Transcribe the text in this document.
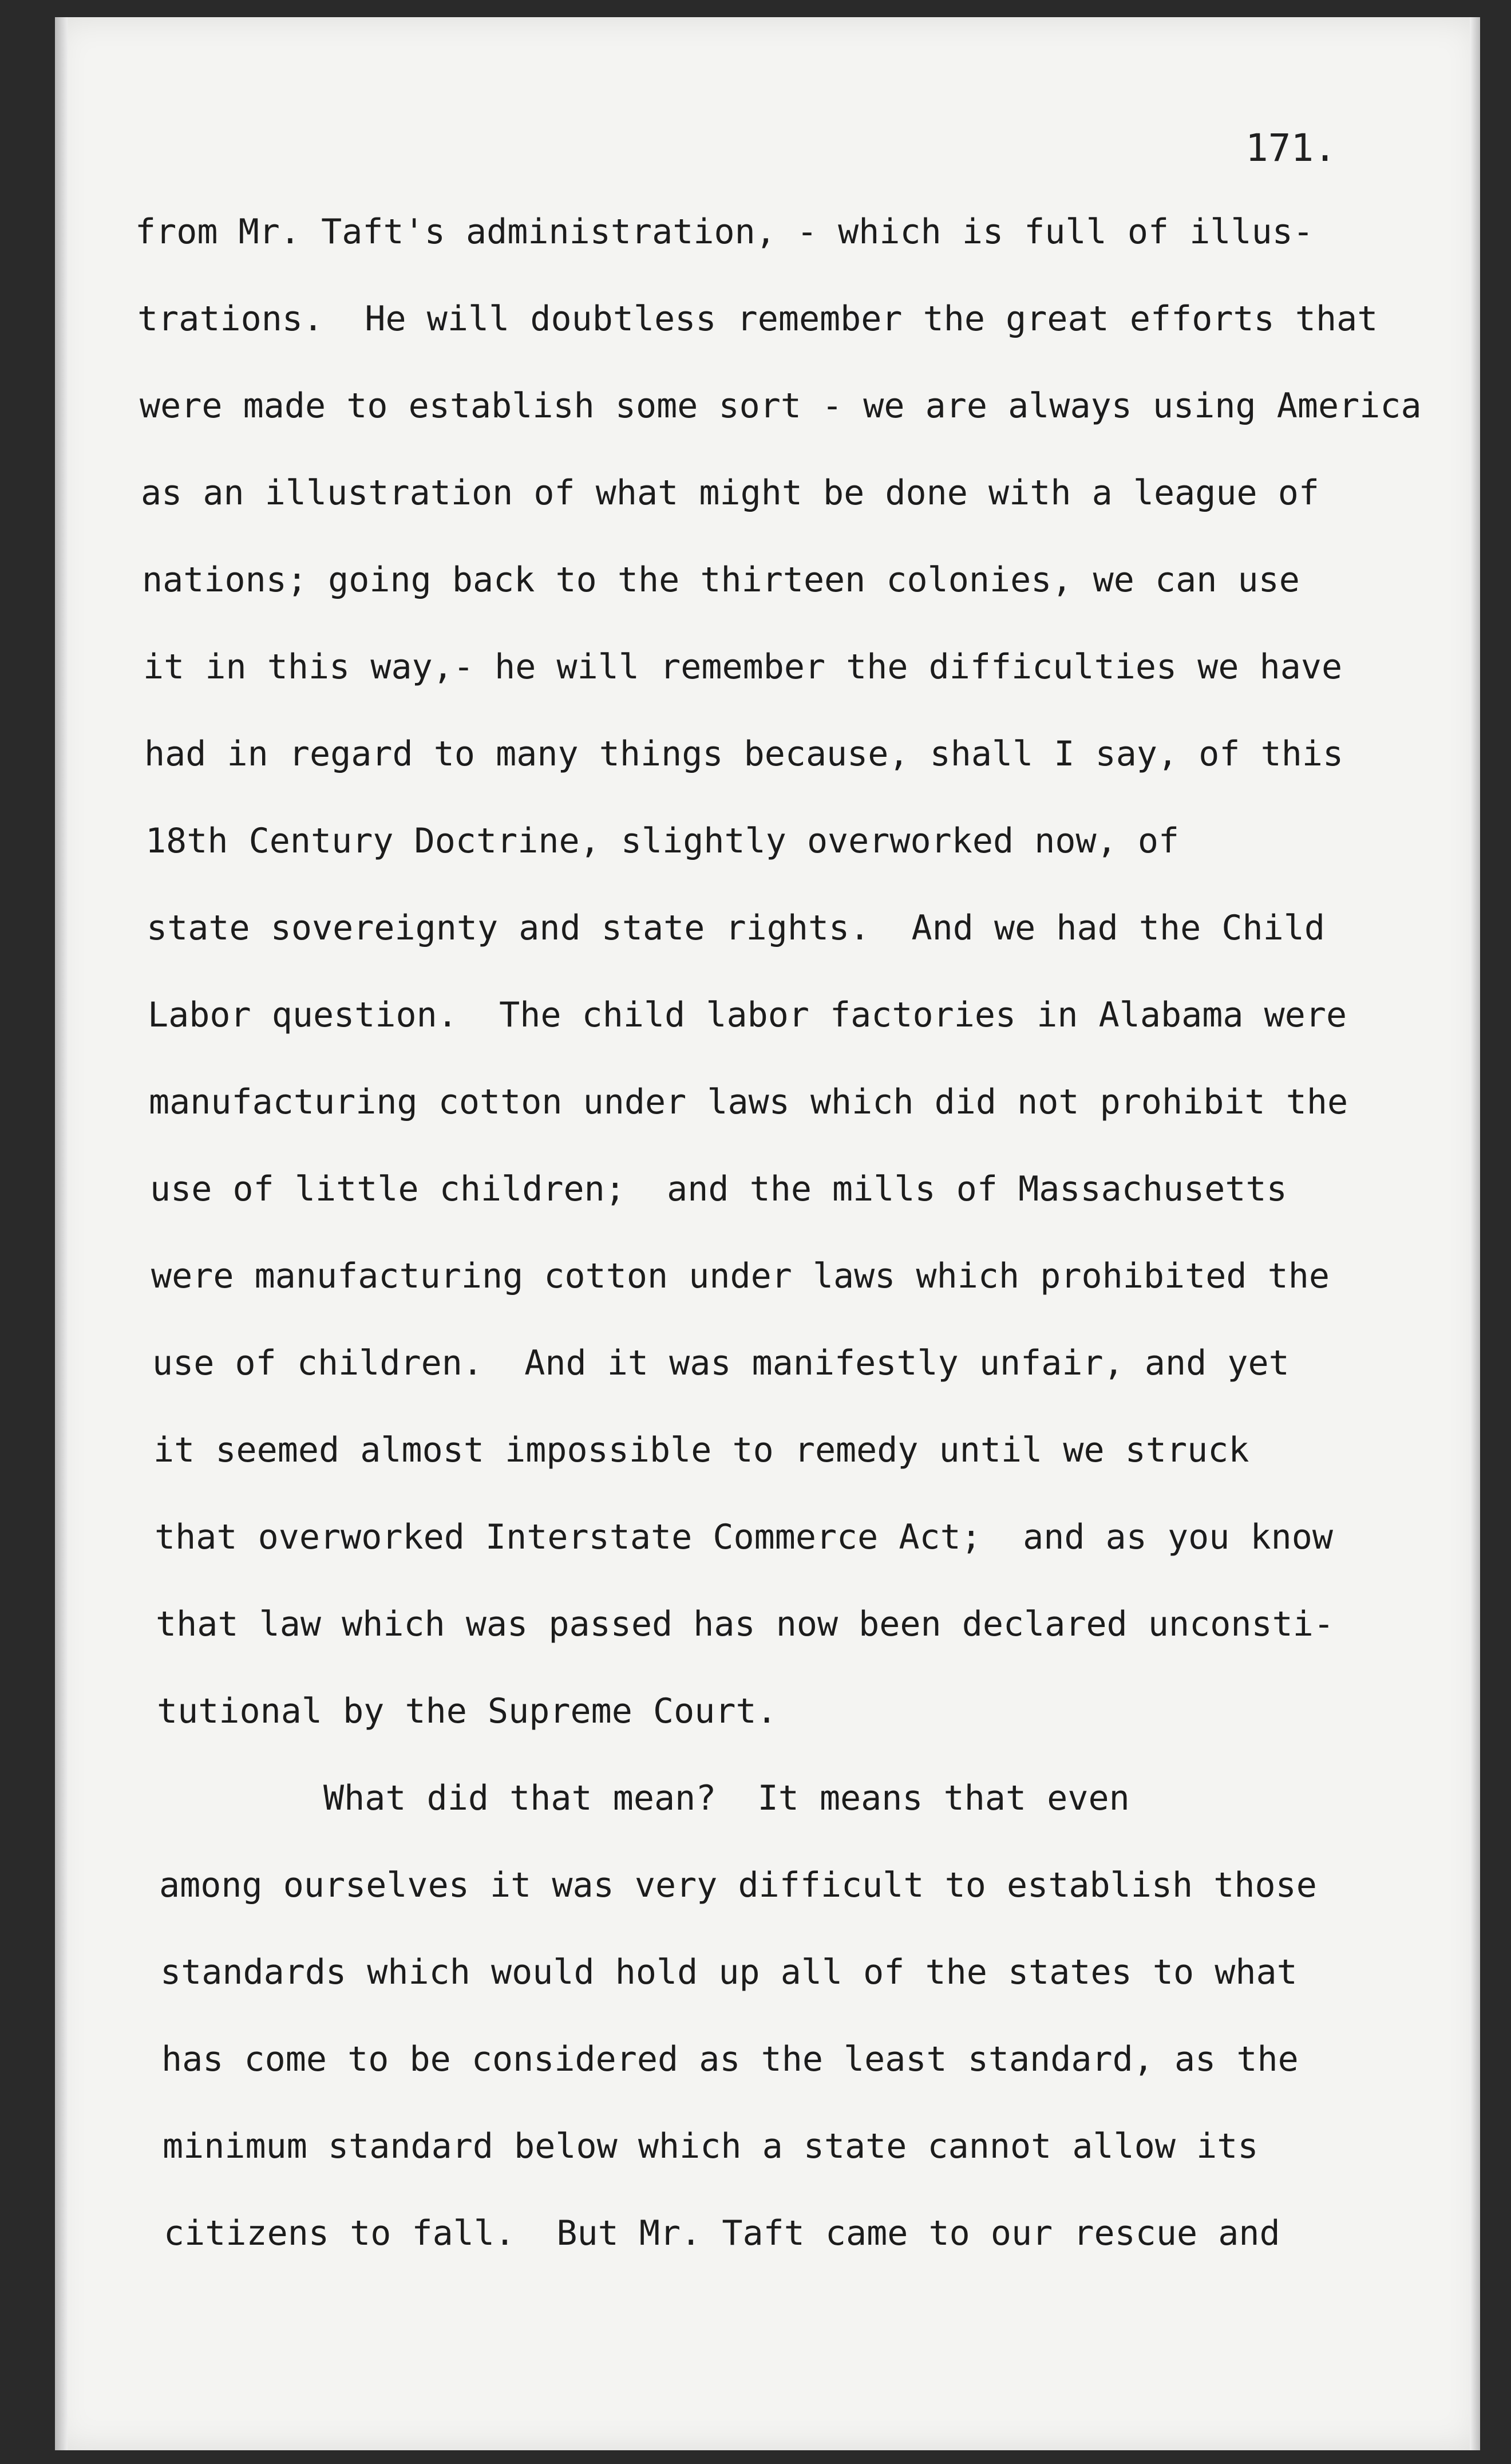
171.
from Mr. Taft's administration, - which is full of illus-
trations.  He will doubtless remember the great efforts that
were made to establish some sort - we are always using America
as an illustration of what might be done with a league of
nations; going back to the thirteen colonies, we can use
it in this way,- he will remember the difficulties we have
had in regard to many things because, shall I say, of this
18th Century Doctrine, slightly overworked now, of
state sovereignty and state rights.  And we had the Child
Labor question.  The child labor factories in Alabama were
manufacturing cotton under laws which did not prohibit the
use of little children;  and the mills of Massachusetts
were manufacturing cotton under laws which prohibited the
use of children.  And it was manifestly unfair, and yet
it seemed almost impossible to remedy until we struck
that overworked Interstate Commerce Act;  and as you know
that law which was passed has now been declared unconsti-
tutional by the Supreme Court.
What did that mean?  It means that even
among ourselves it was very difficult to establish those
standards which would hold up all of the states to what
has come to be considered as the least standard, as the
minimum standard below which a state cannot allow its
citizens to fall.  But Mr. Taft came to our rescue and
